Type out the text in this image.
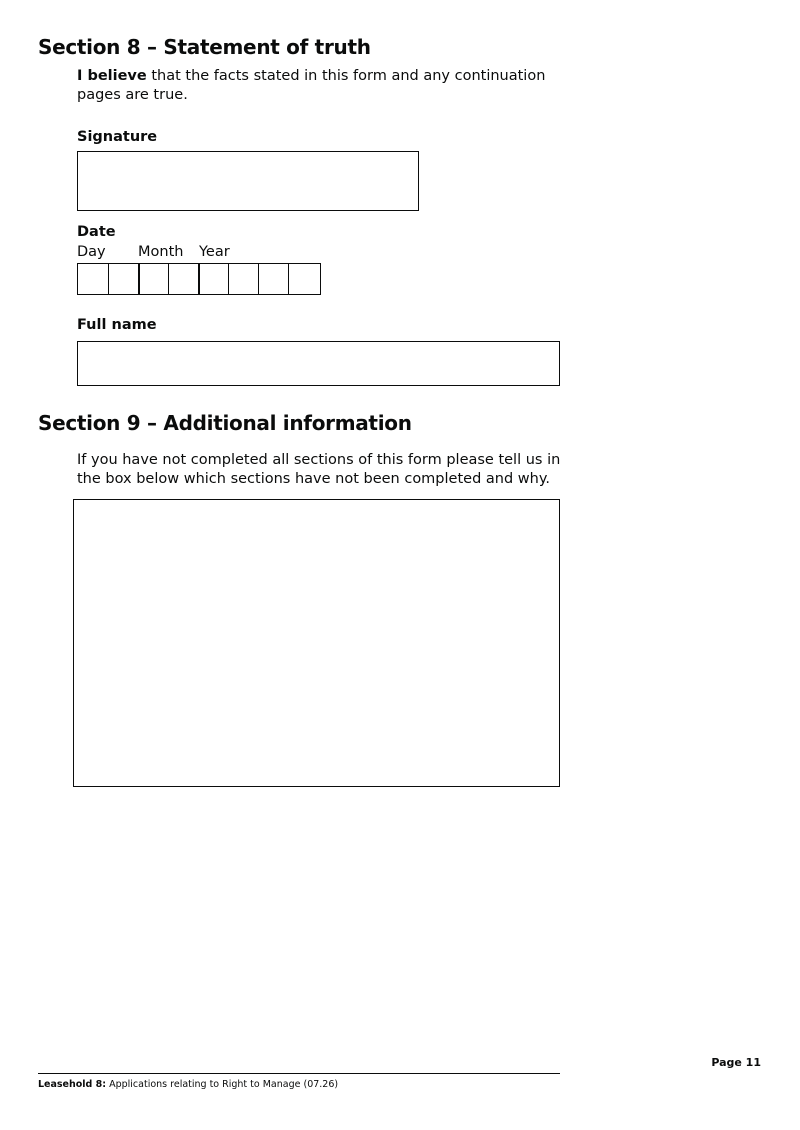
Section 8 – Statement of truth

I believe that the facts stated in this form and any continuation pages are true.

Signature

Date

Day Month Year

Full name

Section 9 – Additional information

If you have not completed all sections of this form please tell us in the box below which sections have not been completed and why.

Page 11

Leasehold 8: Applications relating to Right to Manage (07.26)
